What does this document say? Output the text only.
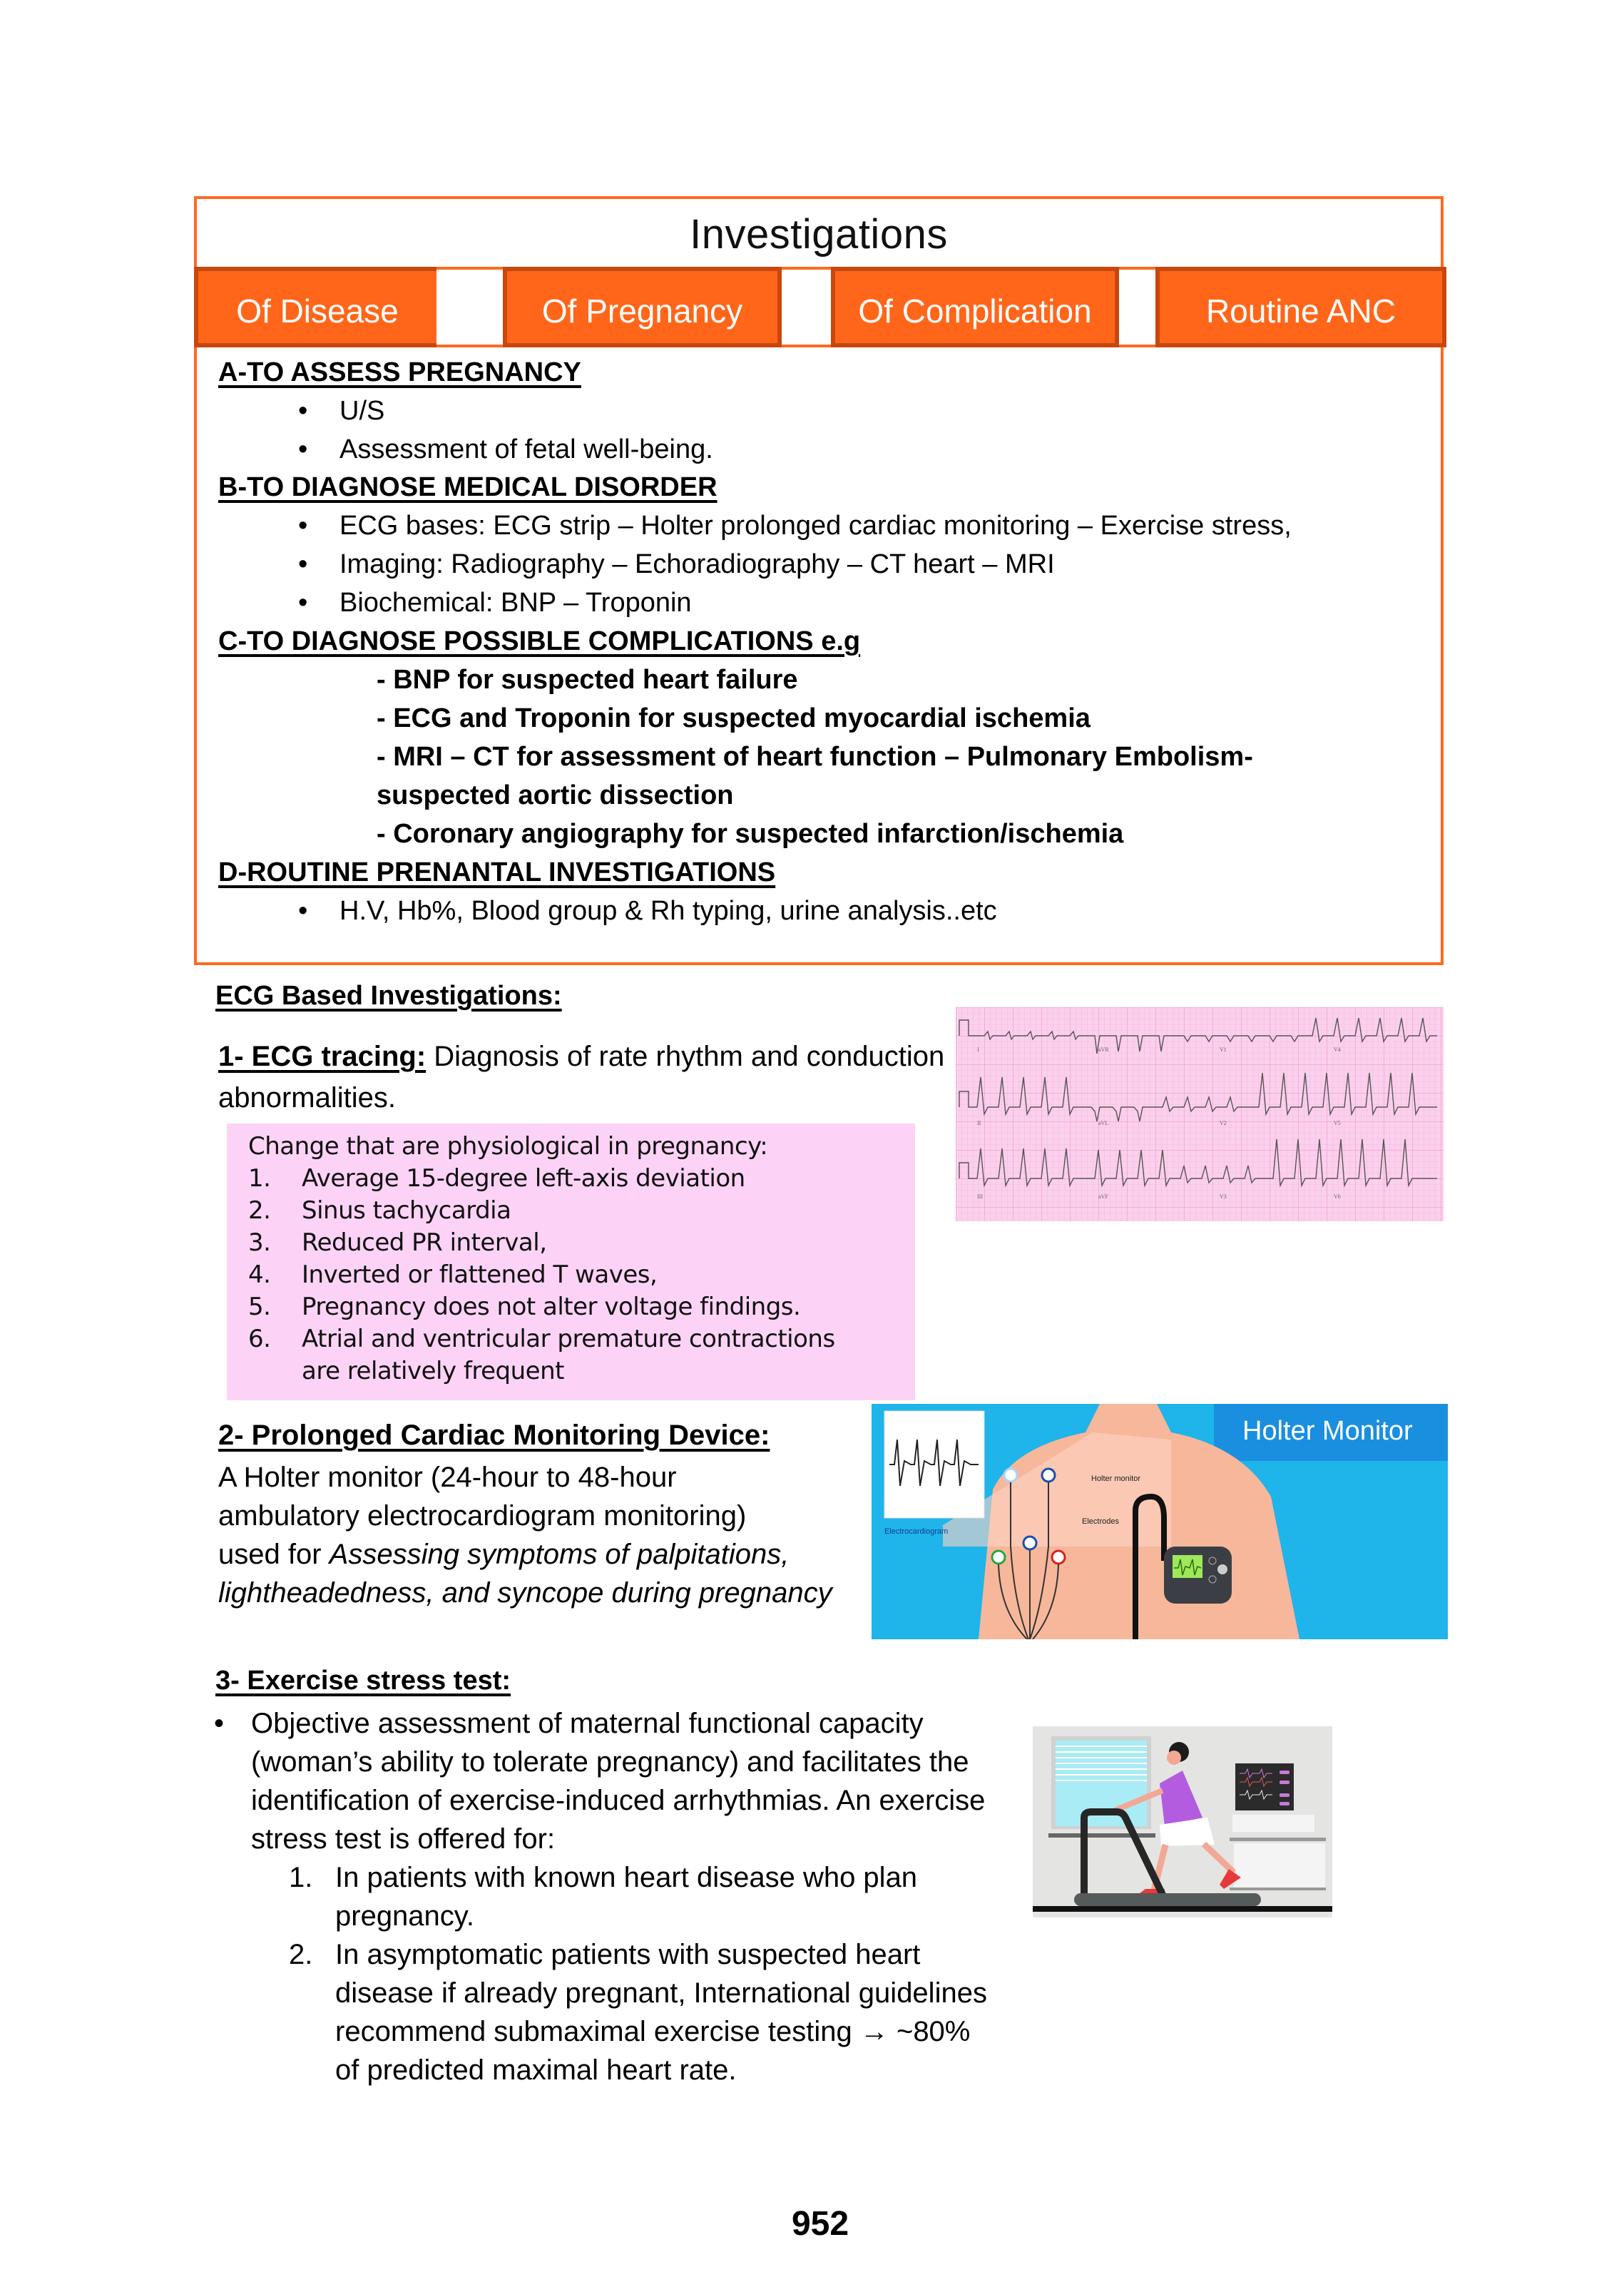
Investigations
Of Disease	Of Pregnancy	Of Complication	Routine ANC
A-TO ASSESS PREGNANCY
• U/S
• Assessment of fetal well-being.
B-TO DIAGNOSE MEDICAL DISORDER
• ECG bases: ECG strip – Holter prolonged cardiac monitoring – Exercise stress,
• Imaging: Radiography – Echoradiography – CT heart – MRI
• Biochemical: BNP – Troponin
C-TO DIAGNOSE POSSIBLE COMPLICATIONS e.g
- BNP for suspected heart failure
- ECG and Troponin for suspected myocardial ischemia
- MRI – CT for assessment of heart function – Pulmonary Embolism-
suspected aortic dissection
- Coronary angiography for suspected infarction/ischemia
D-ROUTINE PRENANTAL INVESTIGATIONS
• H.V, Hb%, Blood group & Rh typing, urine analysis..etc
ECG Based Investigations:
1- ECG tracing: Diagnosis of rate rhythm and conduction
abnormalities.
Change that are physiological in pregnancy:
1. Average 15-degree left-axis deviation
2. Sinus tachycardia
3. Reduced PR interval,
4. Inverted or flattened T waves,
5. Pregnancy does not alter voltage findings.
6. Atrial and ventricular premature contractions
are relatively frequent
I	aVR	V1	V4
II	aVL	V2	V5
III	aVF	V3	V6
2- Prolonged Cardiac Monitoring Device:
A Holter monitor (24-hour to 48-hour
ambulatory electrocardiogram monitoring)
used for Assessing symptoms of palpitations,
lightheadedness, and syncope during pregnancy
Electrocardiogram
Electrodes
Holter monitor
Holter Monitor
3- Exercise stress test:
• Objective assessment of maternal functional capacity
(woman’s ability to tolerate pregnancy) and facilitates the
identification of exercise-induced arrhythmias. An exercise
stress test is offered for:
1. In patients with known heart disease who plan
pregnancy.
2. In asymptomatic patients with suspected heart
disease if already pregnant, International guidelines
recommend submaximal exercise testing → ~80%
of predicted maximal heart rate.
952
